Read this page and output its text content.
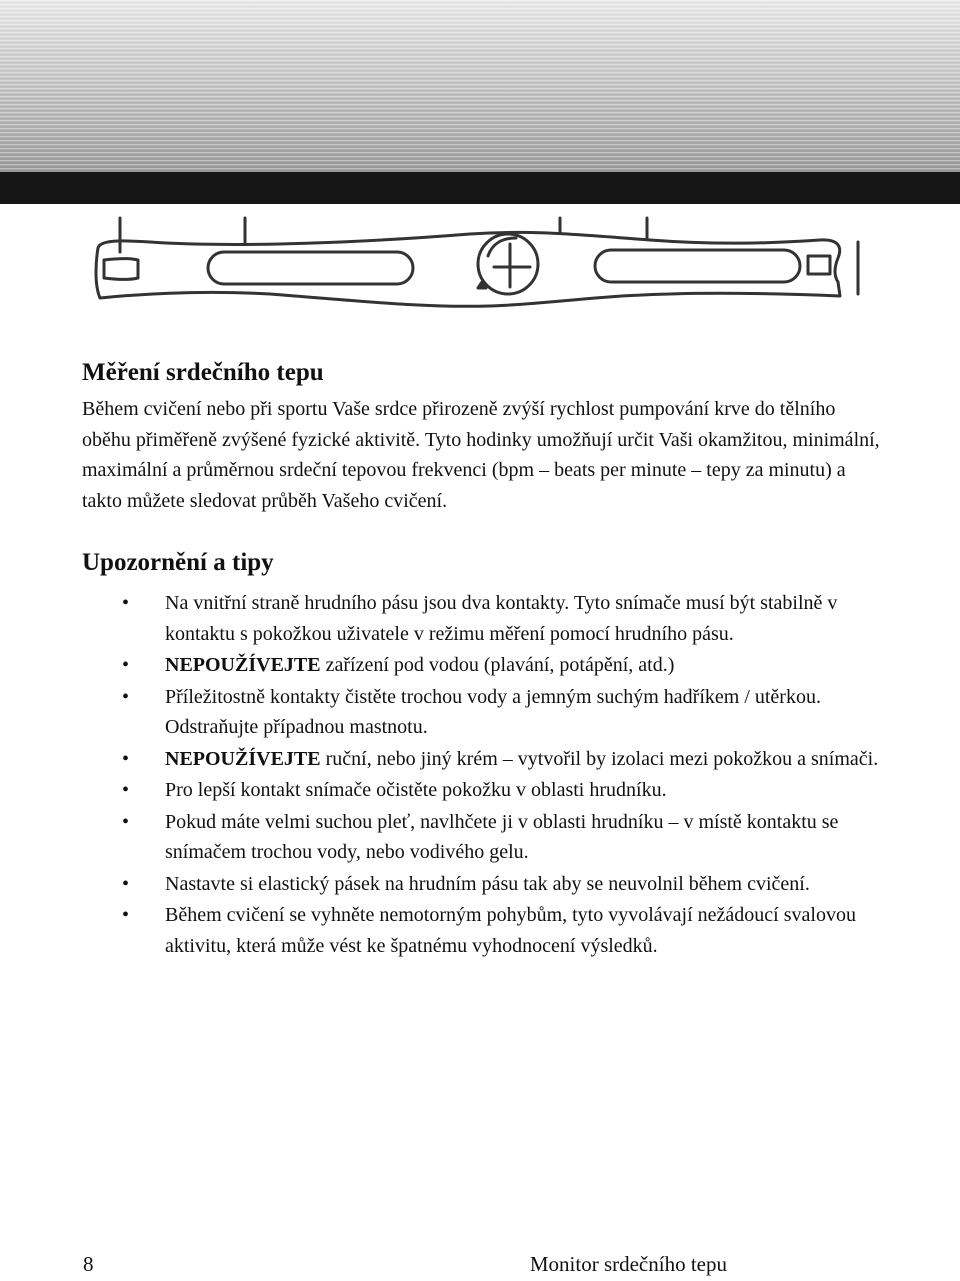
Měření srdečního tepu

Během cvičení nebo při sportu Vaše srdce přirozeně zvýší rychlost pumpování krve do tělního oběhu přiměřeně zvýšené fyzické aktivitě. Tyto hodinky umožňují určit Vaši okamžitou, minimální, maximální a průměrnou srdeční tepovou frekvenci (bpm – beats per minute – tepy za minutu) a takto můžete sledovat průběh Vašeho cvičení.

Upozornění a tipy
• Na vnitřní straně hrudního pásu jsou dva kontakty. Tyto snímače musí být stabilně v kontaktu s pokožkou uživatele v režimu měření pomocí hrudního pásu.
• NEPOUŽÍVEJTE zařízení pod vodou (plavání, potápění, atd.)
• Příležitostně kontakty čistěte trochou vody a jemným suchým hadříkem / utěrkou. Odstraňujte případnou mastnotu.
• NEPOUŽÍVEJTE ruční, nebo jiný krém – vytvořil by izolaci mezi pokožkou a snímači.
• Pro lepší kontakt snímače očistěte pokožku v oblasti hrudníku.
• Pokud máte velmi suchou pleť, navlhčete ji v oblasti hrudníku – v místě kontaktu se snímačem trochou vody, nebo vodivého gelu.
• Nastavte si elastický pásek na hrudním pásu tak aby se neuvolnil během cvičení.
• Během cvičení se vyhněte nemotorným pohybům, tyto vyvolávají nežádoucí svalovou aktivitu, která může vést ke špatnému vyhodnocení výsledků.
8	Monitor srdečního tepu
